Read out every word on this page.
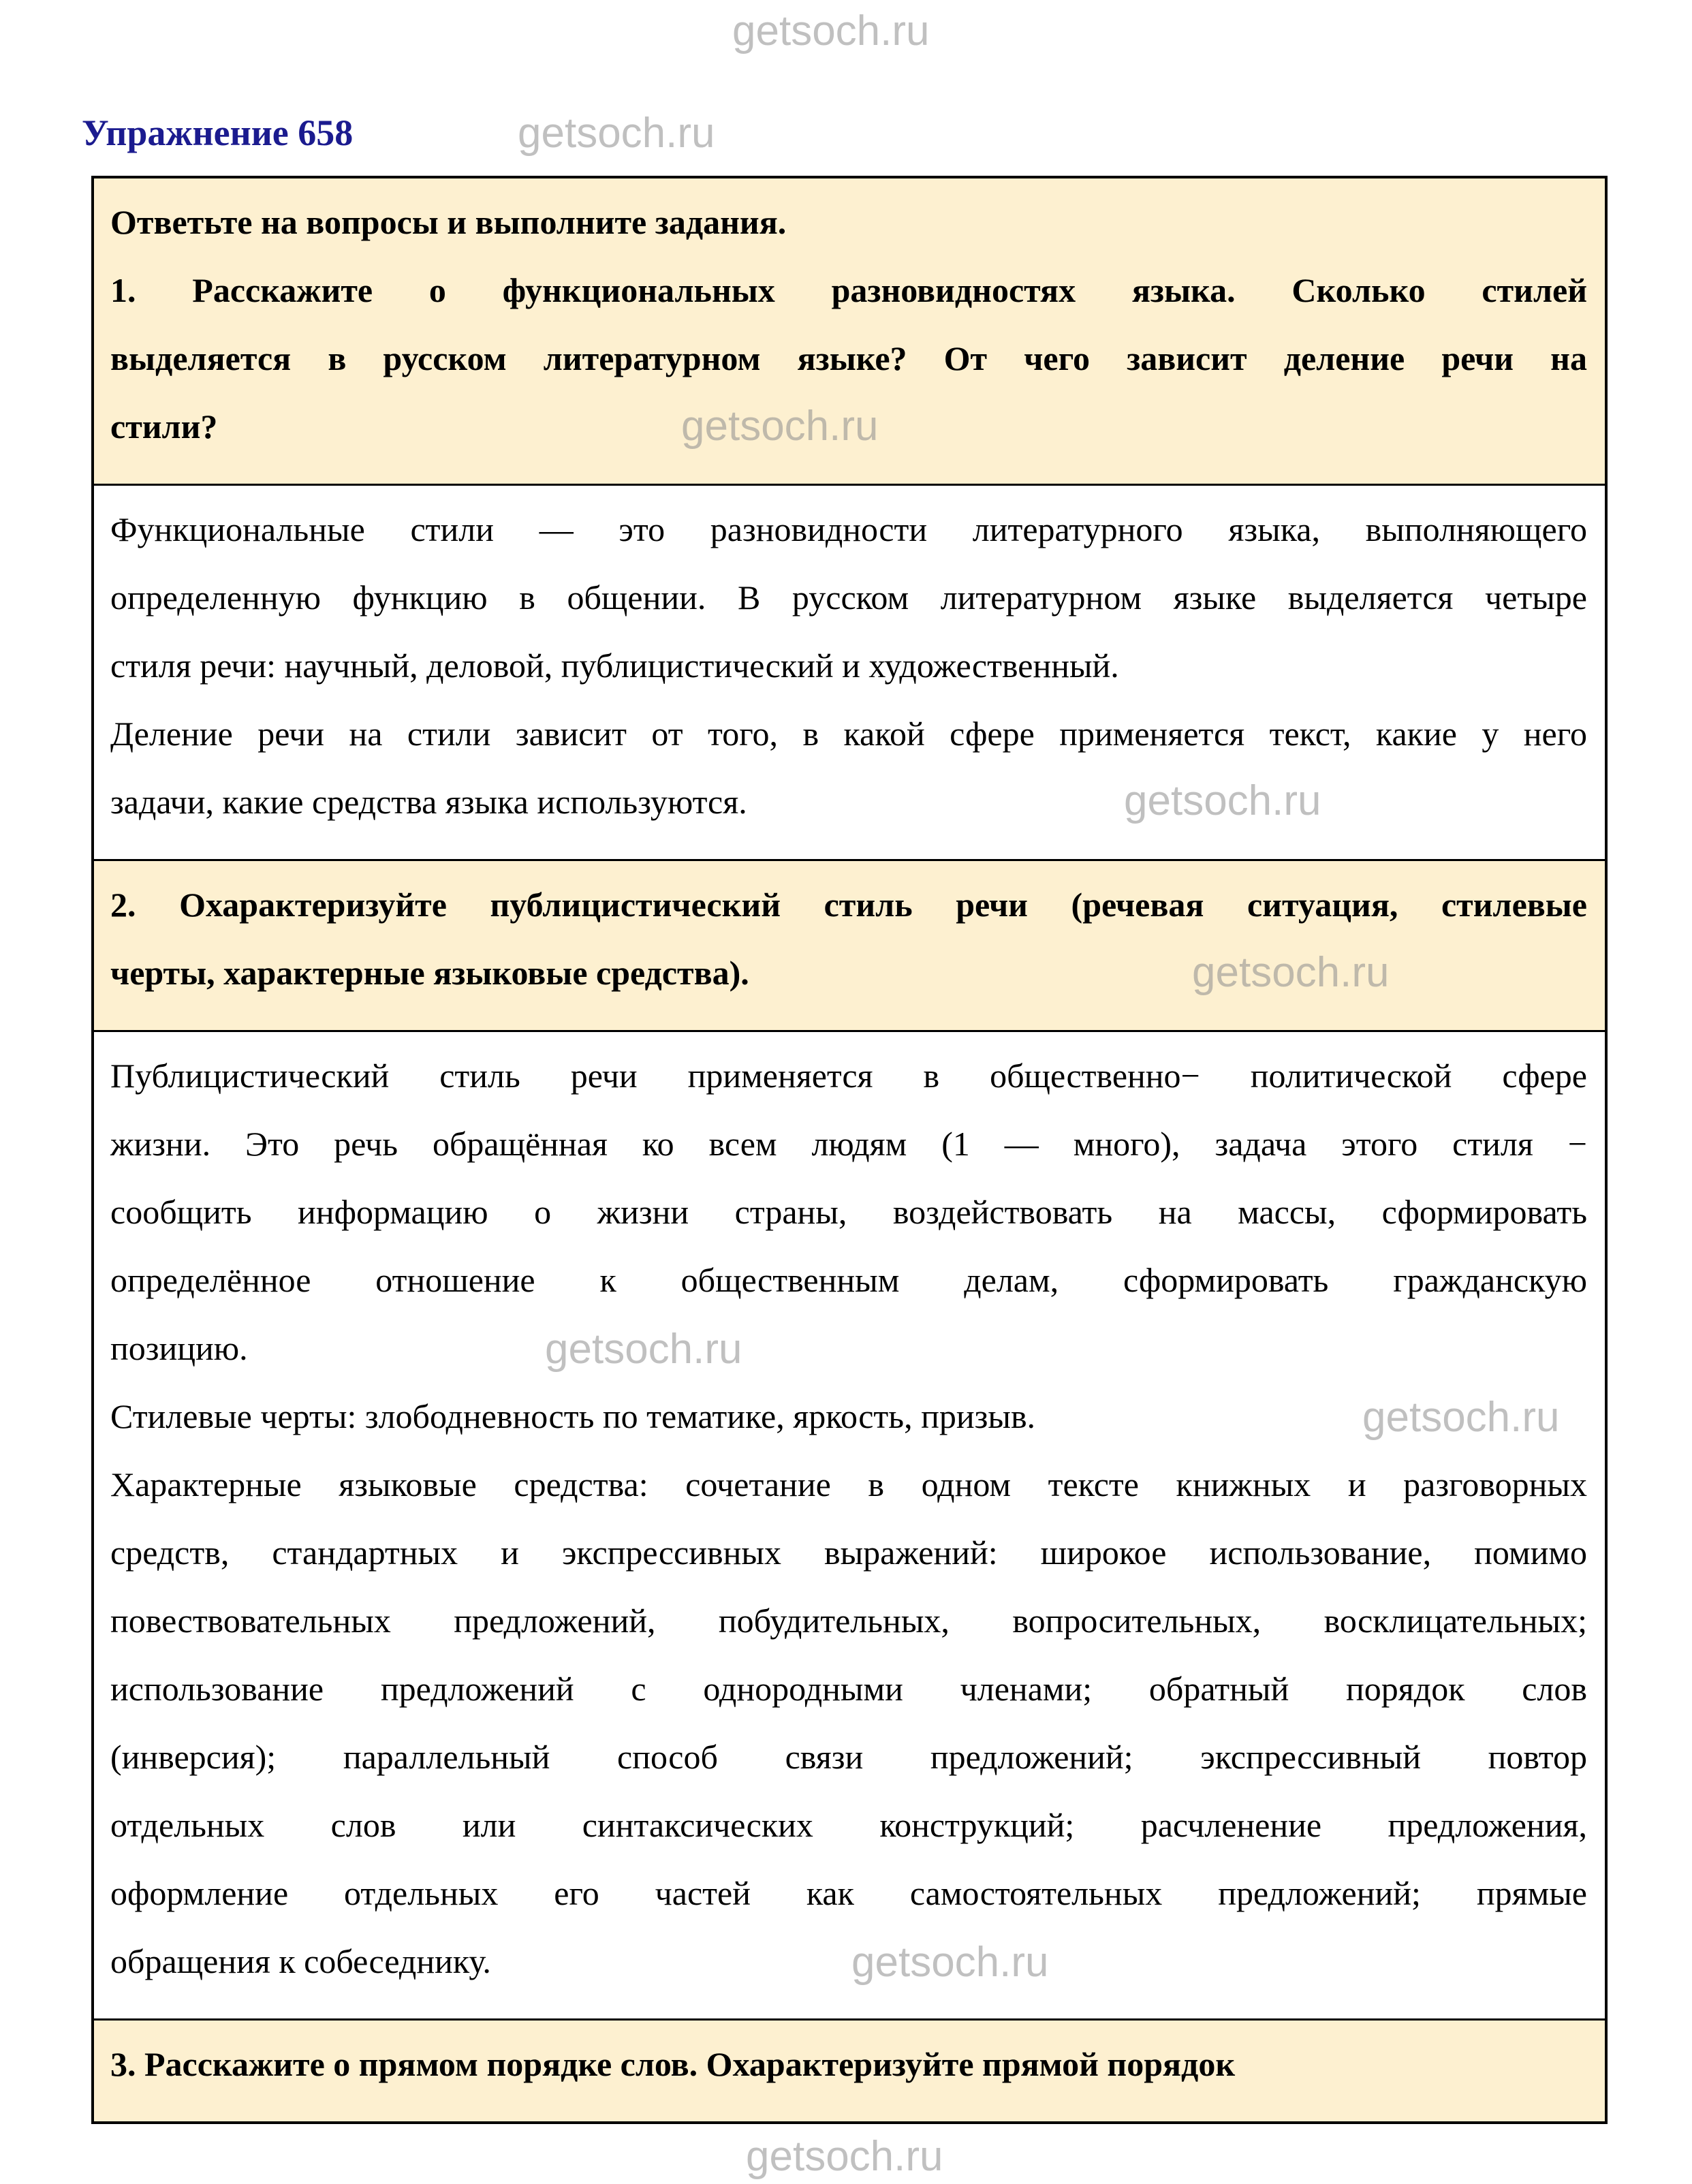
Упражнение 658
Ответьте на вопросы и выполните задания.
1. Расскажите о функциональных разновидностях языка. Сколько стилей
выделяется в русском литературном языке? От чего зависит деление речи на
стили?
Функциональные стили — это разновидности литературного языка, выполняющего
определенную функцию в общении. В русском литературном языке выделяется четыре
стиля речи: научный, деловой, публицистический и художественный.
Деление речи на стили зависит от того, в какой сфере применяется текст, какие у него
задачи, какие средства языка используются.
2. Охарактеризуйте публицистический стиль речи (речевая ситуация, стилевые
черты, характерные языковые средства).
Публицистический стиль речи применяется в общественно− политической сфере
жизни. Это речь обращённая ко всем людям (1 — много), задача этого стиля −
сообщить информацию о жизни страны, воздействовать на массы, сформировать
определённое отношение к общественным делам, сформировать гражданскую
позицию.
Стилевые черты: злободневность по тематике, яркость, призыв.
Характерные языковые средства: сочетание в одном тексте книжных и разговорных
средств, стандартных и экспрессивных выражений: широкое использование, помимо
повествовательных предложений, побудительных, вопросительных, восклицательных;
использование предложений с однородными членами; обратный порядок слов
(инверсия); параллельный способ связи предложений; экспрессивный повтор
отдельных слов или синтаксических конструкций; расчленение предложения,
оформление отдельных его частей как самостоятельных предложений; прямые
обращения к собеседнику.
3. Расскажите о прямом порядке слов. Охарактеризуйте прямой порядок
getsoch.ru
getsoch.ru
getsoch.ru
getsoch.ru
getsoch.ru
getsoch.ru
getsoch.ru
getsoch.ru
getsoch.ru
